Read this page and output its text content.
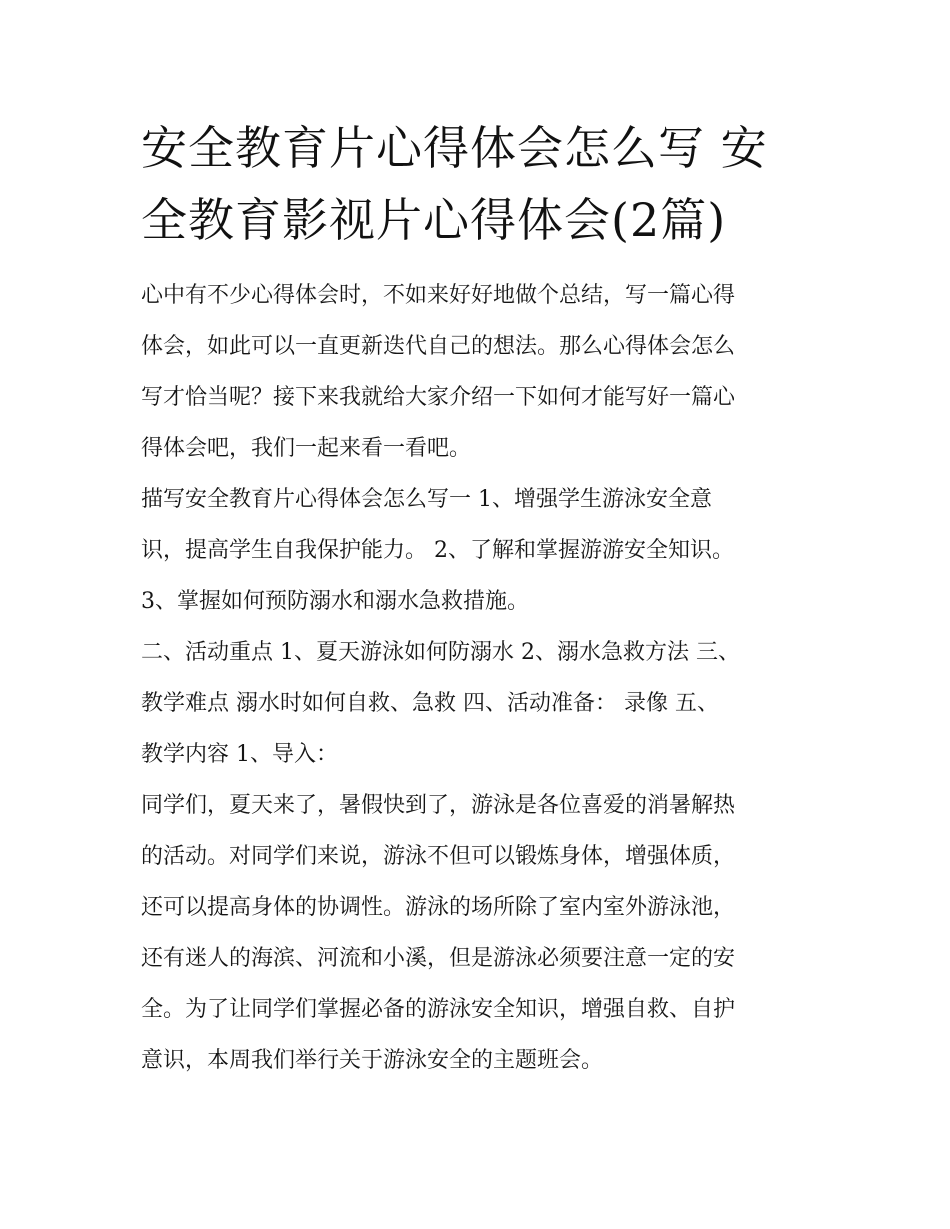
安全教育片心得体会怎么写 安
全教育影视片心得体会(2篇)

心中有不少心得体会时，不如来好好地做个总结，写一篇心得
体会，如此可以一直更新迭代自己的想法。那么心得体会怎么
写才恰当呢？接下来我就给大家介绍一下如何才能写好一篇心
得体会吧，我们一起来看一看吧。

描写安全教育片心得体会怎么写一 1、增强学生游泳安全意
识，提高学生自我保护能力。 2、了解和掌握游游安全知识。
3、掌握如何预防溺水和溺水急救措施。

二、活动重点 1、夏天游泳如何防溺水 2、溺水急救方法 三、
教学难点 溺水时如何自救、急救 四、活动准备： 录像 五、
教学内容 1、导入：

同学们，夏天来了，暑假快到了，游泳是各位喜爱的消暑解热
的活动。对同学们来说，游泳不但可以锻炼身体，增强体质，
还可以提高身体的协调性。游泳的场所除了室内室外游泳池，
还有迷人的海滨、河流和小溪，但是游泳必须要注意一定的安
全。为了让同学们掌握必备的游泳安全知识，增强自救、自护
意识，本周我们举行关于游泳安全的主题班会。
